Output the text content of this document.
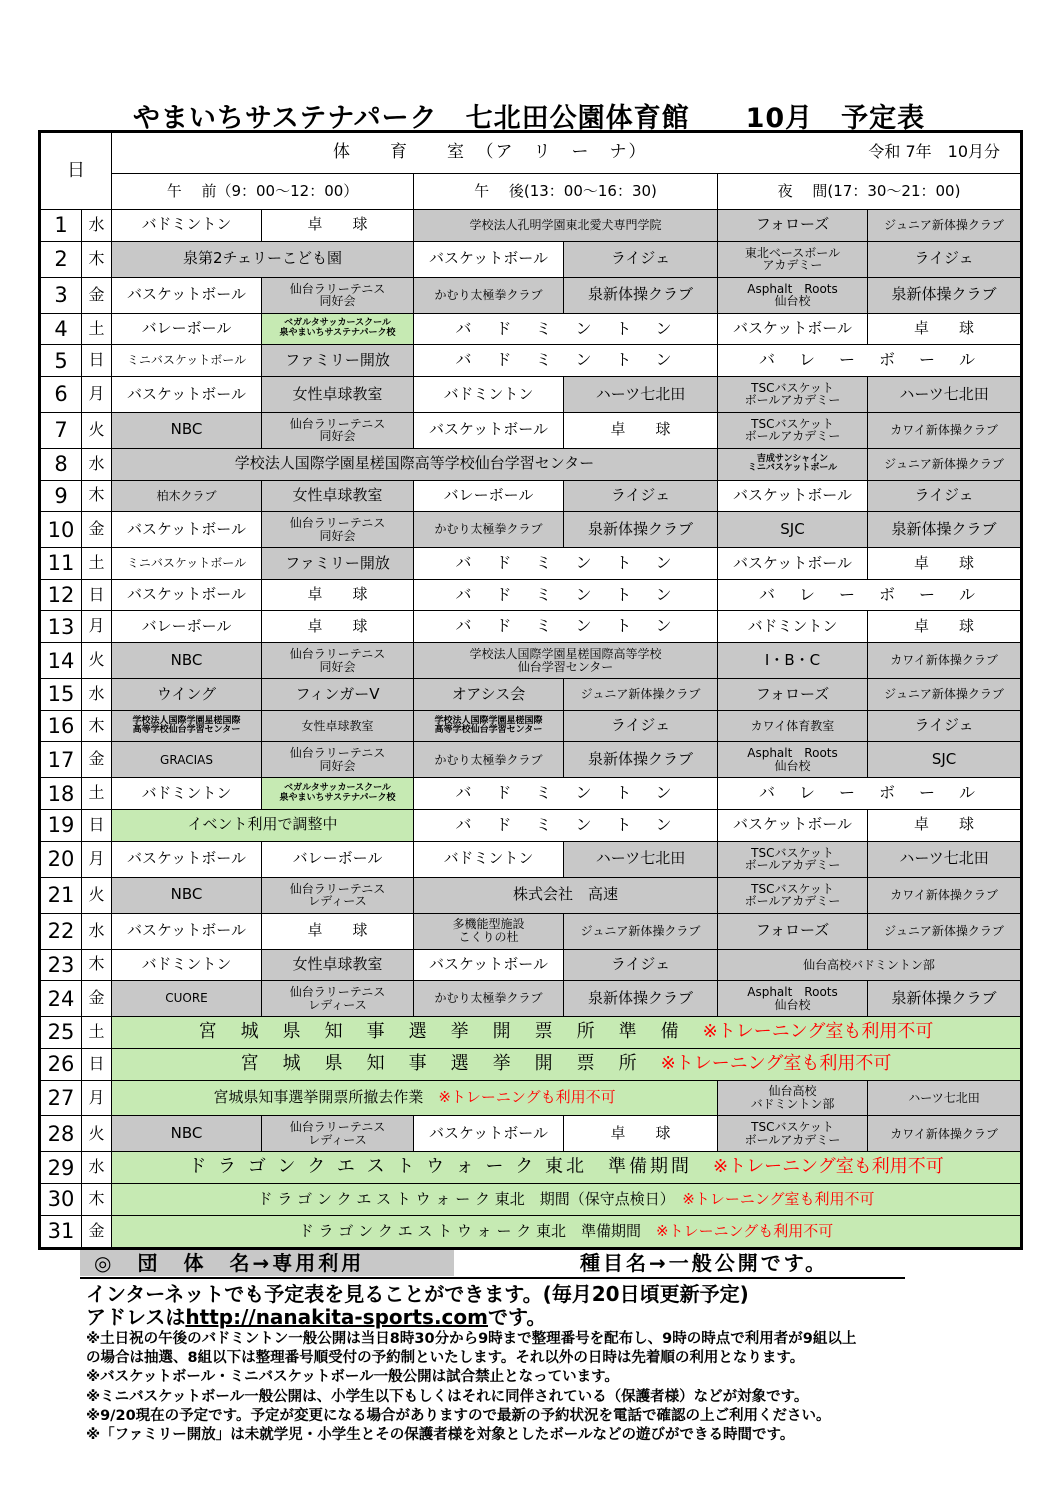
やまいちサステナパーク　七北田公園体育館　　10月　予定表
日		令和 7年　10月分
体　　育　　室　（ア　リ　ー　ナ）					
		午　 前（9：00～12：00）		午　 後(13：00～16：30)		夜　 間(17：30～21：00)	
1	水	バドミントン	卓　　球	学校法人孔明学園東北愛犬専門学院		フォローズ	ジュニア新体操クラブ
2	木	泉第2チェリーこども園		バスケットボール	ライジェ	東北ベースボール
アカデミー	ライジェ
3	金	バスケットボール	仙台ラリーテニス
同好会	かむり太極拳クラブ	泉新体操クラブ	Asphalt　Roots
仙台校	泉新体操クラブ
4	土	バレーボール	ベガルタサッカースクール
泉やまいちサステナパーク校	バ　ド　ミ　ン　ト　ン		バスケットボール	卓　　球
5	日	ミニバスケットボール	ファミリー開放	バ　ド　ミ　ン　ト　ン		バ　レ　ー　ボ　ー　ル	
6	月	バスケットボール	女性卓球教室	バドミントン	ハーツ七北田	TSCバスケット
ボールアカデミー	ハーツ七北田
7	火	NBC	仙台ラリーテニス
同好会	バスケットボール	卓　　球	TSCバスケット
ボールアカデミー	カワイ新体操クラブ
8	水	学校法人国際学園星槎国際高等学校仙台学習センター				吉成サンシャイン
ミニバスケットボール	ジュニア新体操クラブ
9	木	柏木クラブ	女性卓球教室	バレーボール	ライジェ	バスケットボール	ライジェ
10	金	バスケットボール	仙台ラリーテニス
同好会	かむり太極拳クラブ	泉新体操クラブ	SJC	泉新体操クラブ
11	土	ミニバスケットボール	ファミリー開放	バ　ド　ミ　ン　ト　ン		バスケットボール	卓　　球
12	日	バスケットボール	卓　　球	バ　ド　ミ　ン　ト　ン		バ　レ　ー　ボ　ー　ル	
13	月	バレーボール	卓　　球	バ　ド　ミ　ン　ト　ン		バドミントン	卓　　球
14	火	NBC	仙台ラリーテニス
同好会	学校法人国際学園星槎国際高等学校
仙台学習センター		I・B・C	カワイ新体操クラブ
15	水	ウイング	フィンガーV	オアシス会	ジュニア新体操クラブ	フォローズ	ジュニア新体操クラブ
16	木	学校法人国際学園星槎国際
高等学校仙台学習センター	女性卓球教室	学校法人国際学園星槎国際
高等学校仙台学習センター	ライジェ	カワイ体育教室	ライジェ
17	金	GRACIAS	仙台ラリーテニス
同好会	かむり太極拳クラブ	泉新体操クラブ	Asphalt　Roots
仙台校	SJC
18	土	バドミントン	ベガルタサッカースクール
泉やまいちサステナパーク校	バ　ド　ミ　ン　ト　ン		バ　レ　ー　ボ　ー　ル	
19	日	イベント利用で調整中		バ　ド　ミ　ン　ト　ン		バスケットボール	卓　　球
20	月	バスケットボール	バレーボール	バドミントン	ハーツ七北田	TSCバスケット
ボールアカデミー	ハーツ七北田
21	火	NBC	仙台ラリーテニス
レディース	株式会社　高速		TSCバスケット
ボールアカデミー	カワイ新体操クラブ
22	水	バスケットボール	卓　　球	多機能型施設
こくりの杜	ジュニア新体操クラブ	フォローズ	ジュニア新体操クラブ
23	木	バドミントン	女性卓球教室	バスケットボール	ライジェ	仙台高校バドミントン部	
24	金	CUORE	仙台ラリーテニス
レディース	かむり太極拳クラブ	泉新体操クラブ	Asphalt　Roots
仙台校	泉新体操クラブ
25	土	宮　城　県　知　事　選　挙　開　票　所　準　備　※トレーニング室も利用不可					
26	日	宮　城　県　知　事　選　挙　開　票　所　※トレーニング室も利用不可					
27	月	宮城県知事選挙開票所撤去作業　※トレーニングも利用不可				仙台高校
バドミントン部	ハーツ七北田
28	火	NBC	仙台ラリーテニス
レディース	バスケットボール	卓　　球	TSCバスケット
ボールアカデミー	カワイ新体操クラブ
29	水	ド ラ ゴ ン ク エ ス ト ウ ォ ー ク 東北　準備期間　※トレーニング室も利用不可					
30	木	ド ラ ゴ ン ク エ ス ト ウ ォ ー ク 東北　期間（保守点検日）　※トレーニング室も利用不可					
31	金	ド ラ ゴ ン ク エ ス ト ウ ォ ー ク 東北　準備期間　※トレーニングも利用不可					
◎　団　体　名→専用利用	種目名→一般公開です。
インターネットでも予定表を見ることができます。(毎月20日頃更新予定)
アドレスはhttp://nanakita-sports.comです。
※土日祝の午後のバドミントン一般公開は当日8時30分から9時まで整理番号を配布し、9時の時点で利用者が9組以上
の場合は抽選、8組以下は整理番号順受付の予約制といたします。それ以外の日時は先着順の利用となります。
※バスケットボール・ミニバスケットボール一般公開は試合禁止となっています。
※ミニバスケットボール一般公開は、小学生以下もしくはそれに同伴されている（保護者様）などが対象です。
※9/20現在の予定です。予定が変更になる場合がありますので最新の予約状況を電話で確認の上ご利用ください。
※「ファミリー開放」は未就学児・小学生とその保護者様を対象としたボールなどの遊びができる時間です。
